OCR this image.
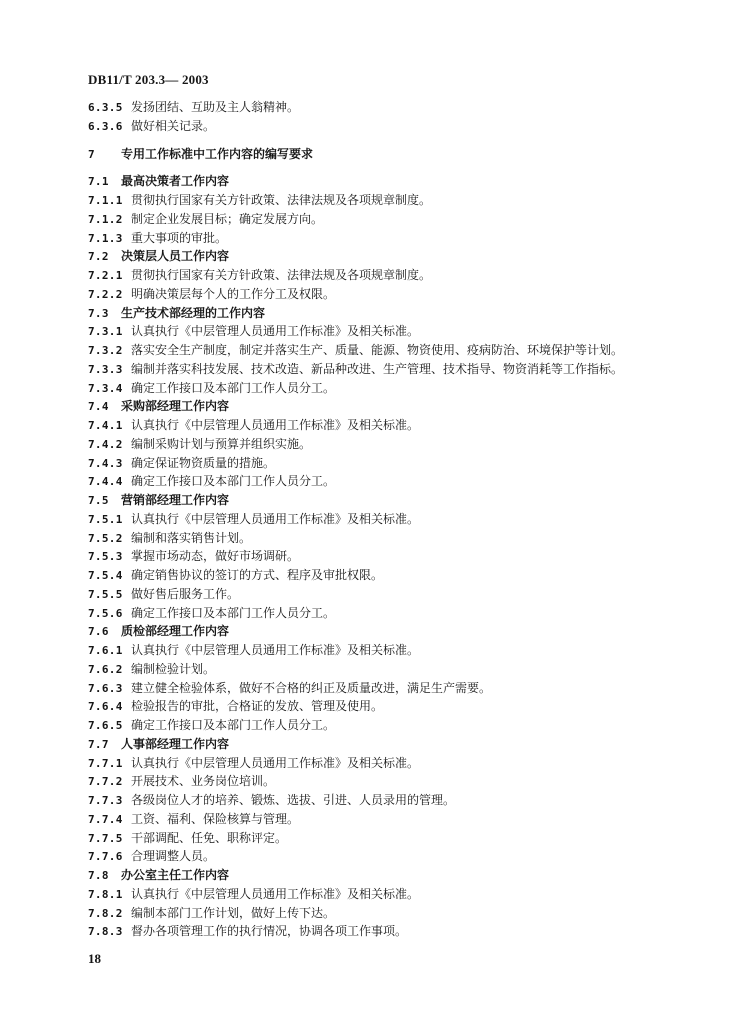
DB11/T 203.3— 2003
6.3.5 发扬团结、互助及主人翁精神。
6.3.6 做好相关记录。
7 专用工作标准中工作内容的编写要求
7.1 最高决策者工作内容
7.1.1 贯彻执行国家有关方针政策、法律法规及各项规章制度。
7.1.2 制定企业发展目标；确定发展方向。
7.1.3 重大事项的审批。
7.2 决策层人员工作内容
7.2.1 贯彻执行国家有关方针政策、法律法规及各项规章制度。
7.2.2 明确决策层每个人的工作分工及权限。
7.3 生产技术部经理的工作内容
7.3.1 认真执行《中层管理人员通用工作标准》及相关标准。
7.3.2 落实安全生产制度，制定并落实生产、质量、能源、物资使用、疫病防治、环境保护等计划。
7.3.3 编制并落实科技发展、技术改造、新品种改进、生产管理、技术指导、物资消耗等工作指标。
7.3.4 确定工作接口及本部门工作人员分工。
7.4 采购部经理工作内容
7.4.1 认真执行《中层管理人员通用工作标准》及相关标准。
7.4.2 编制采购计划与预算并组织实施。
7.4.3 确定保证物资质量的措施。
7.4.4 确定工作接口及本部门工作人员分工。
7.5 营销部经理工作内容
7.5.1 认真执行《中层管理人员通用工作标准》及相关标准。
7.5.2 编制和落实销售计划。
7.5.3 掌握市场动态，做好市场调研。
7.5.4 确定销售协议的签订的方式、程序及审批权限。
7.5.5 做好售后服务工作。
7.5.6 确定工作接口及本部门工作人员分工。
7.6 质检部经理工作内容
7.6.1 认真执行《中层管理人员通用工作标准》及相关标准。
7.6.2 编制检验计划。
7.6.3 建立健全检验体系，做好不合格的纠正及质量改进，满足生产需要。
7.6.4 检验报告的审批，合格证的发放、管理及使用。
7.6.5 确定工作接口及本部门工作人员分工。
7.7 人事部经理工作内容
7.7.1 认真执行《中层管理人员通用工作标准》及相关标准。
7.7.2 开展技术、业务岗位培训。
7.7.3 各级岗位人才的培养、锻炼、选拔、引进、人员录用的管理。
7.7.4 工资、福利、保险核算与管理。
7.7.5 干部调配、任免、职称评定。
7.7.6 合理调整人员。
7.8 办公室主任工作内容
7.8.1 认真执行《中层管理人员通用工作标准》及相关标准。
7.8.2 编制本部门工作计划，做好上传下达。
7.8.3 督办各项管理工作的执行情况，协调各项工作事项。
18
